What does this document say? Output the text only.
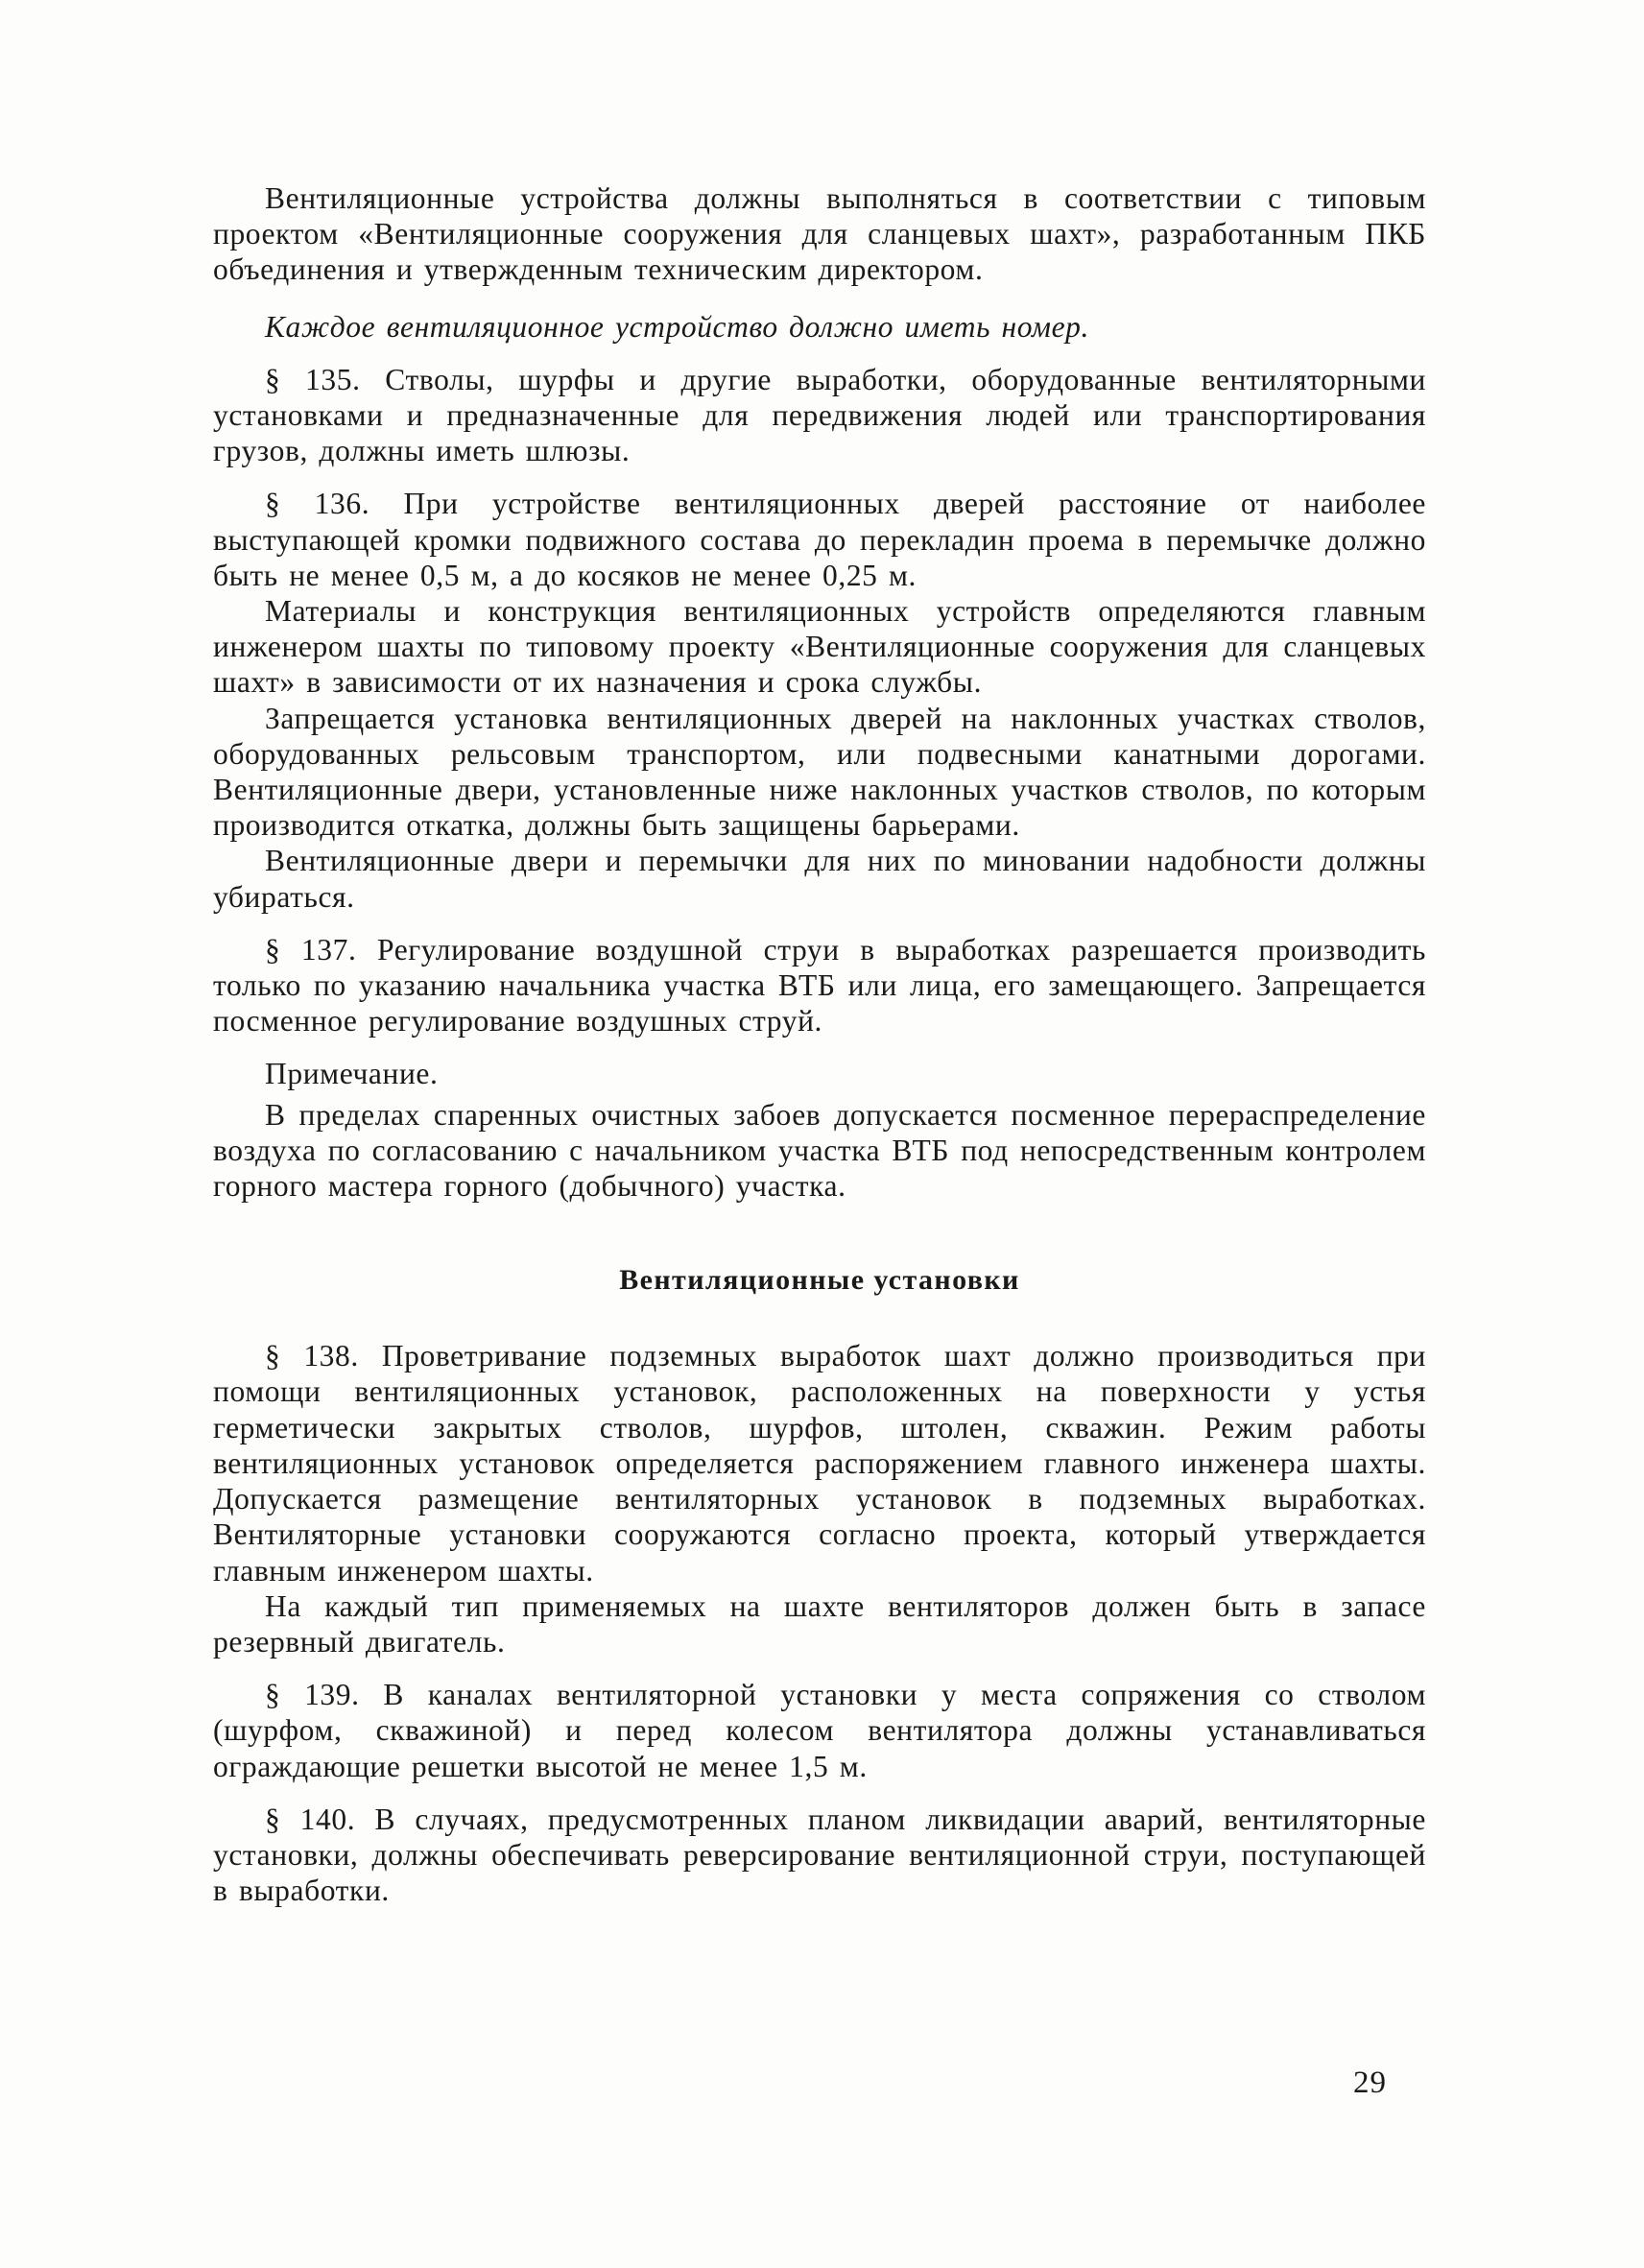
Вентиляционные устройства должны выполняться в соответствии с типовым проектом «Вентиляционные сооружения для сланцевых шахт», разработанным ПКБ объединения и утвержденным техническим директором.

Каждое вентиляционное устройство должно иметь номер.

§ 135. Стволы, шурфы и другие выработки, оборудованные вентиляторными установками и предназначенные для передвижения людей или транспортирования грузов, должны иметь шлюзы.

§ 136. При устройстве вентиляционных дверей расстояние от наиболее выступающей кромки подвижного состава до перекладин проема в перемычке должно быть не менее 0,5 м, а до косяков не менее 0,25 м.

Материалы и конструкция вентиляционных устройств определяются главным инженером шахты по типовому проекту «Вентиляционные сооружения для сланцевых шахт» в зависимости от их назначения и срока службы.

Запрещается установка вентиляционных дверей на наклонных участках стволов, оборудованных рельсовым транспортом, или подвесными канатными дорогами. Вентиляционные двери, установленные ниже наклонных участков стволов, по которым производится откатка, должны быть защищены барьерами.

Вентиляционные двери и перемычки для них по миновании надобности должны убираться.

§ 137. Регулирование воздушной струи в выработках разрешается производить только по указанию начальника участка ВТБ или лица, его замещающего. Запрещается посменное регулирование воздушных струй.

Примечание.

В пределах спаренных очистных забоев допускается посменное перераспределение воздуха по согласованию с начальником участка ВТБ под непосредственным контролем горного мастера горного (добычного) участка.

Вентиляционные установки

§ 138. Проветривание подземных выработок шахт должно производиться при помощи вентиляционных установок, расположенных на поверхности у устья герметически закрытых стволов, шурфов, штолен, скважин. Режим работы вентиляционных установок определяется распоряжением главного инженера шахты. Допускается размещение вентиляторных установок в подземных выработках. Вентиляторные установки сооружаются согласно проекта, который утверждается главным инженером шахты.

На каждый тип применяемых на шахте вентиляторов должен быть в запасе резервный двигатель.

§ 139. В каналах вентиляторной установки у места сопряжения со стволом (шурфом, скважиной) и перед колесом вентилятора должны устанавливаться ограждающие решетки высотой не менее 1,5 м.

§ 140. В случаях, предусмотренных планом ликвидации аварий, вентиляторные установки, должны обеспечивать реверсирование вентиляционной струи, поступающей в выработки.

29
